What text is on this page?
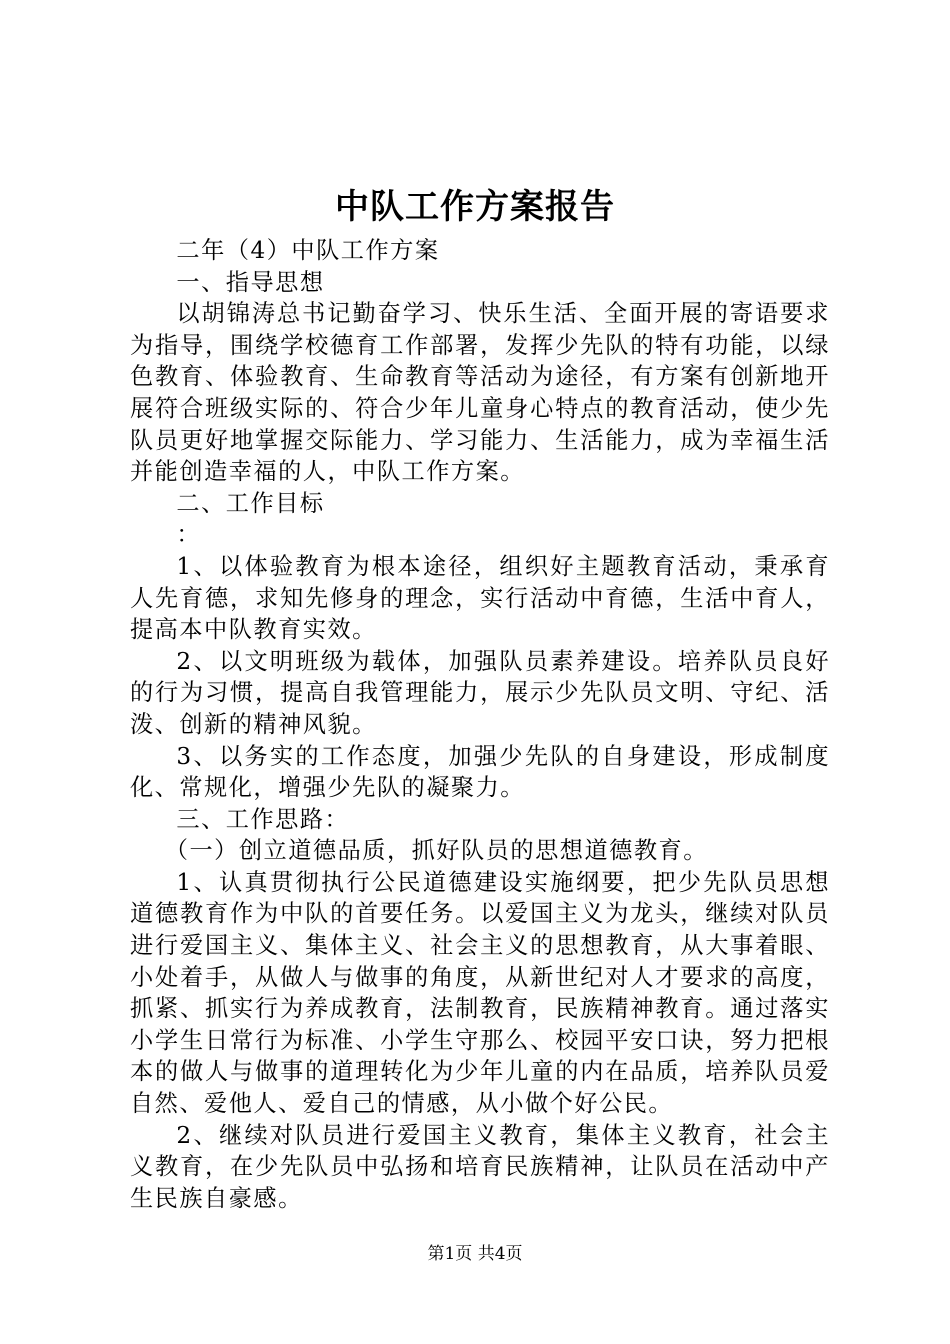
中队工作方案报告

二年（4）中队工作方案

一、指导思想

以胡锦涛总书记勤奋学习、快乐生活、全面开展的寄语要求为指导，围绕学校德育工作部署，发挥少先队的特有功能，以绿色教育、体验教育、生命教育等活动为途径，有方案有创新地开展符合班级实际的、符合少年儿童身心特点的教育活动，使少先队员更好地掌握交际能力、学习能力、生活能力，成为幸福生活并能创造幸福的人，中队工作方案。

二、工作目标

：

1、以体验教育为根本途径，组织好主题教育活动，秉承育人先育德，求知先修身的理念，实行活动中育德，生活中育人，提高本中队教育实效。

2、以文明班级为载体，加强队员素养建设。培养队员良好的行为习惯，提高自我管理能力，展示少先队员文明、守纪、活泼、创新的精神风貌。

3、以务实的工作态度，加强少先队的自身建设，形成制度化、常规化，增强少先队的凝聚力。

三、工作思路：

（一）创立道德品质，抓好队员的思想道德教育。

1、认真贯彻执行公民道德建设实施纲要，把少先队员思想道德教育作为中队的首要任务。以爱国主义为龙头，继续对队员进行爱国主义、集体主义、社会主义的思想教育，从大事着眼、小处着手，从做人与做事的角度，从新世纪对人才要求的高度，抓紧、抓实行为养成教育，法制教育，民族精神教育。通过落实小学生日常行为标准、小学生守那么、校园平安口诀，努力把根本的做人与做事的道理转化为少年儿童的内在品质，培养队员爱自然、爱他人、爱自己的情感，从小做个好公民。

2、继续对队员进行爱国主义教育，集体主义教育，社会主义教育，在少先队员中弘扬和培育民族精神，让队员在活动中产生民族自豪感。

第1页 共4页
